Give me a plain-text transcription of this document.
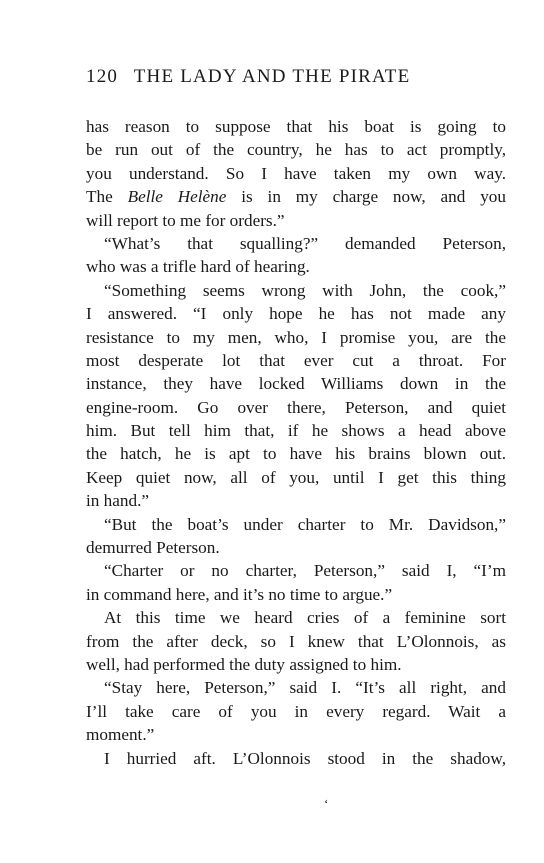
120 THE LADY AND THE PIRATE
has reason to suppose that his boat is going to
be run out of the country, he has to act promptly,
you understand. So I have taken my own way.
The Belle Helène is in my charge now, and you
will report to me for orders.”
“What’s that squalling?” demanded Peterson,
who was a trifle hard of hearing.
“Something seems wrong with John, the cook,”
I answered. “I only hope he has not made any
resistance to my men, who, I promise you, are the
most desperate lot that ever cut a throat. For
instance, they have locked Williams down in the
engine-room. Go over there, Peterson, and quiet
him. But tell him that, if he shows a head above
the hatch, he is apt to have his brains blown out.
Keep quiet now, all of you, until I get this thing
in hand.”
“But the boat’s under charter to Mr. Davidson,”
demurred Peterson.
“Charter or no charter, Peterson,” said I, “I’m
in command here, and it’s no time to argue.”
At this time we heard cries of a feminine sort
from the after deck, so I knew that L’Olonnois, as
well, had performed the duty assigned to him.
“Stay here, Peterson,” said I. “It’s all right, and
I’ll take care of you in every regard. Wait a
moment.”
I hurried aft. L’Olonnois stood in the shadow,
‘
